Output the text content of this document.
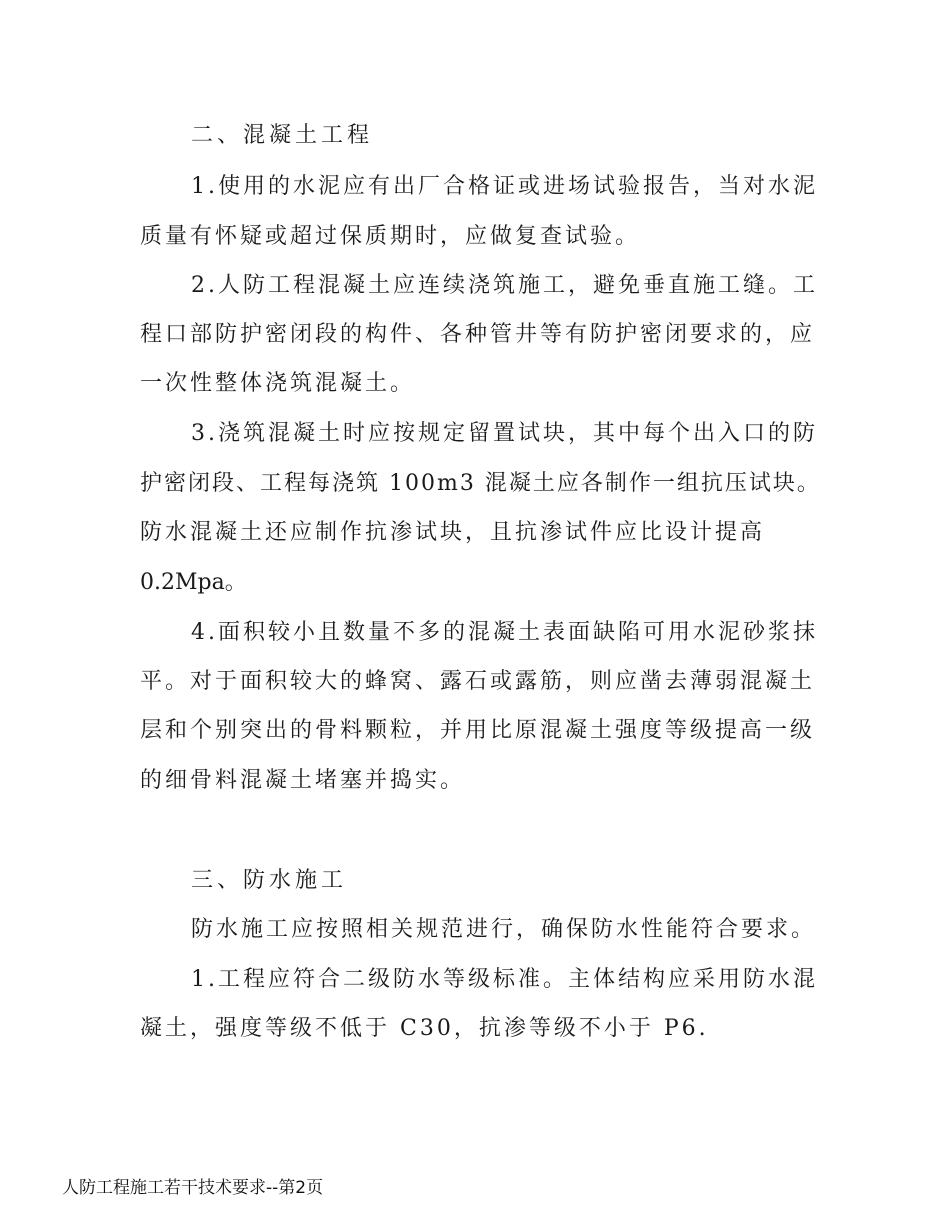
二、混凝土工程

1.使用的水泥应有出厂合格证或进场试验报告，当对水泥

质量有怀疑或超过保质期时，应做复查试验。

2.人防工程混凝土应连续浇筑施工，避免垂直施工缝。工

程口部防护密闭段的构件、各种管井等有防护密闭要求的，应

一次性整体浇筑混凝土。

3.浇筑混凝土时应按规定留置试块，其中每个出入口的防

护密闭段、工程每浇筑 100m3 混凝土应各制作一组抗压试块。

防水混凝土还应制作抗渗试块，且抗渗试件应比设计提高

0.2Mpa。

4.面积较小且数量不多的混凝土表面缺陷可用水泥砂浆抹

平。对于面积较大的蜂窝、露石或露筋，则应凿去薄弱混凝土

层和个别突出的骨料颗粒，并用比原混凝土强度等级提高一级

的细骨料混凝土堵塞并捣实。

三、防水施工

防水施工应按照相关规范进行，确保防水性能符合要求。

1.工程应符合二级防水等级标准。主体结构应采用防水混

凝土，强度等级不低于 C30，抗渗等级不小于 P6.

人防工程施工若干技术要求--第2页
